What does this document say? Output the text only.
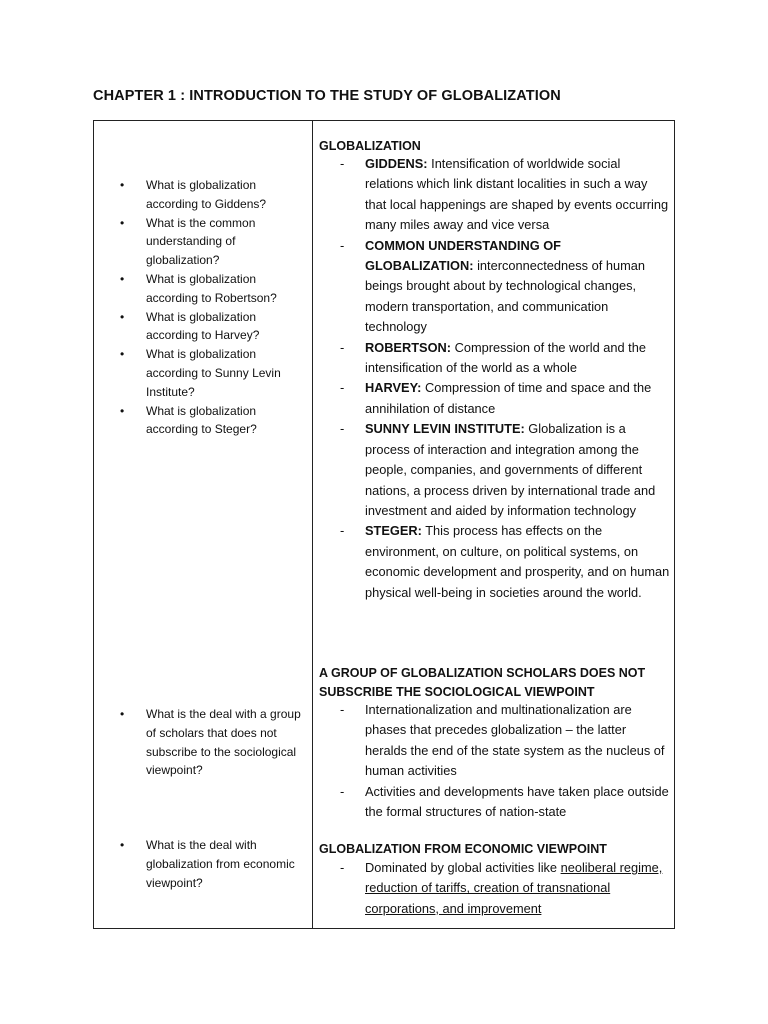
CHAPTER 1 : INTRODUCTION TO THE STUDY OF GLOBALIZATION
• What is globalization according to Giddens?
• What is the common understanding of globalization?
• What is globalization according to Robertson?
• What is globalization according to Harvey?
• What is globalization according to Sunny Levin Institute?
• What is globalization according to Steger?
• What is the deal with a group of scholars that does not subscribe to the sociological viewpoint?
• What is the deal with globalization from economic viewpoint?
GLOBALIZATION
- GIDDENS: Intensification of worldwide social relations which link distant localities in such a way that local happenings are shaped by events occurring many miles away and vice versa
- COMMON UNDERSTANDING OF GLOBALIZATION: interconnectedness of human beings brought about by technological changes, modern transportation, and communication technology
- ROBERTSON: Compression of the world and the intensification of the world as a whole
- HARVEY: Compression of time and space and the annihilation of distance
- SUNNY LEVIN INSTITUTE: Globalization is a process of interaction and integration among the people, companies, and governments of different nations, a process driven by international trade and investment and aided by information technology
- STEGER: This process has effects on the environment, on culture, on political systems, on economic development and prosperity, and on human physical well-being in societies around the world.
A GROUP OF GLOBALIZATION SCHOLARS DOES NOT SUBSCRIBE THE SOCIOLOGICAL VIEWPOINT
- Internationalization and multinationalization are phases that precedes globalization – the latter heralds the end of the state system as the nucleus of human activities
- Activities and developments have taken place outside the formal structures of nation-state
GLOBALIZATION FROM ECONOMIC VIEWPOINT
- Dominated by global activities like neoliberal regime, reduction of tariffs, creation of transnational corporations, and improvement
